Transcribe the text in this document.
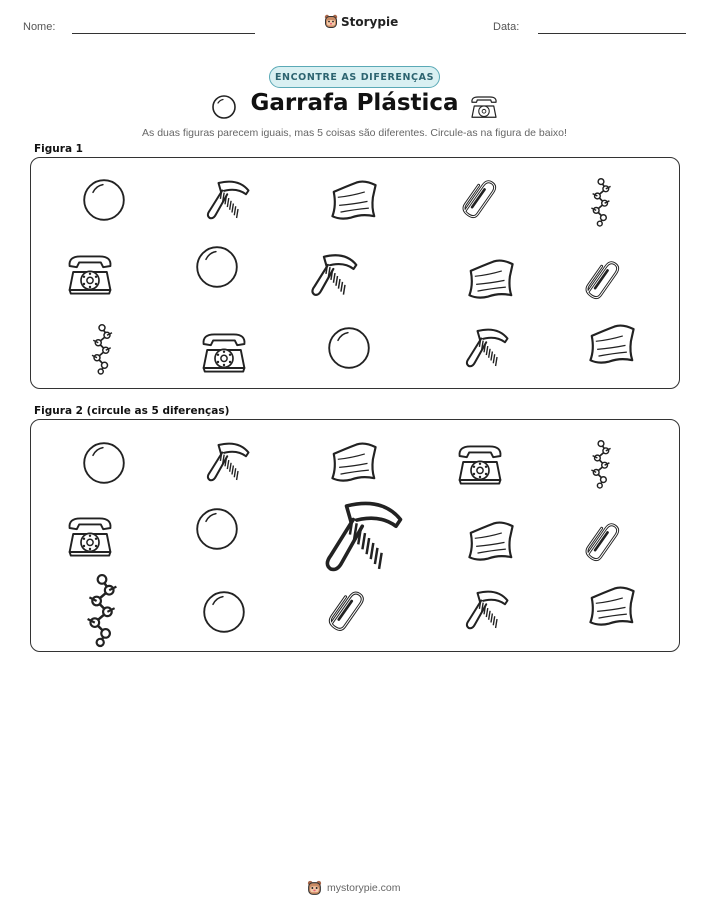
Nome:	Storypie	Data:
ENCONTRE AS DIFERENÇAS
Garrafa Plástica
As duas figuras parecem iguais, mas 5 coisas são diferentes. Circule-as na figura de baixo!
Figura 1
Figura 2 (circule as 5 diferenças)
mystorypie.com
